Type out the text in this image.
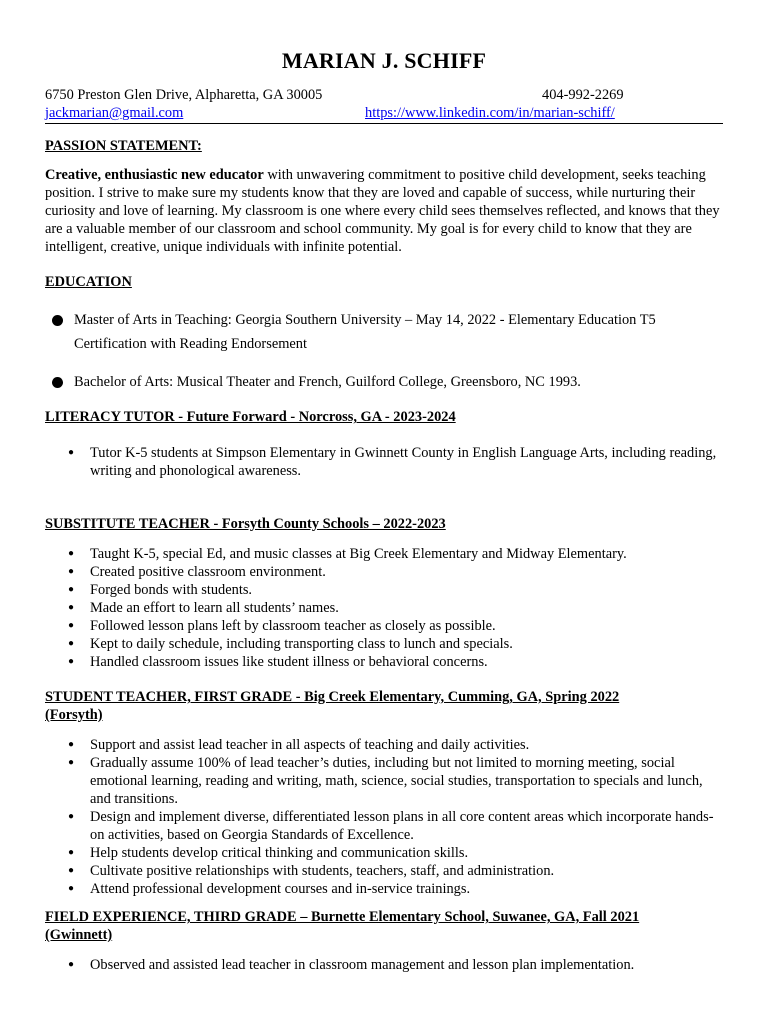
MARIAN J. SCHIFF
6750 Preston Glen Drive, Alpharetta, GA 30005	404-992-2269
jackmarian@gmail.com	https://www.linkedin.com/in/marian-schiff/
PASSION STATEMENT:

Creative, enthusiastic new educator with unwavering commitment to positive child development, seeks teaching position. I strive to make sure my students know that they are loved and capable of success, while nurturing their curiosity and love of learning. My classroom is one where every child sees themselves reflected, and knows that they are a valuable member of our classroom and school community. My goal is for every child to know that they are intelligent, creative, unique individuals with infinite potential.

EDUCATION
Master of Arts in Teaching: Georgia Southern University – May 14, 2022 - Elementary Education T5 Certification with Reading Endorsement
Bachelor of Arts: Musical Theater and French, Guilford College, Greensboro, NC 1993.
LITERACY TUTOR - Future Forward - Norcross, GA - 2023-2024
● Tutor K-5 students at Simpson Elementary in Gwinnett County in English Language Arts, including reading, writing and phonological awareness.
SUBSTITUTE TEACHER - Forsyth County Schools – 2022-2023
● Taught K-5, special Ed, and music classes at Big Creek Elementary and Midway Elementary.
● Created positive classroom environment.
● Forged bonds with students.
● Made an effort to learn all students’ names.
● Followed lesson plans left by classroom teacher as closely as possible.
● Kept to daily schedule, including transporting class to lunch and specials.
● Handled classroom issues like student illness or behavioral concerns.
STUDENT TEACHER, FIRST GRADE - Big Creek Elementary, Cumming, GA, Spring 2022 (Forsyth)
● Support and assist lead teacher in all aspects of teaching and daily activities.
● Gradually assume 100% of lead teacher’s duties, including but not limited to morning meeting, social emotional learning, reading and writing, math, science, social studies, transportation to specials and lunch, and transitions.
● Design and implement diverse, differentiated lesson plans in all core content areas which incorporate hands-on activities, based on Georgia Standards of Excellence.
● Help students develop critical thinking and communication skills.
● Cultivate positive relationships with students, teachers, staff, and administration.
● Attend professional development courses and in-service trainings.
FIELD EXPERIENCE, THIRD GRADE – Burnette Elementary School, Suwanee, GA, Fall 2021 (Gwinnett)
● Observed and assisted lead teacher in classroom management and lesson plan implementation.
